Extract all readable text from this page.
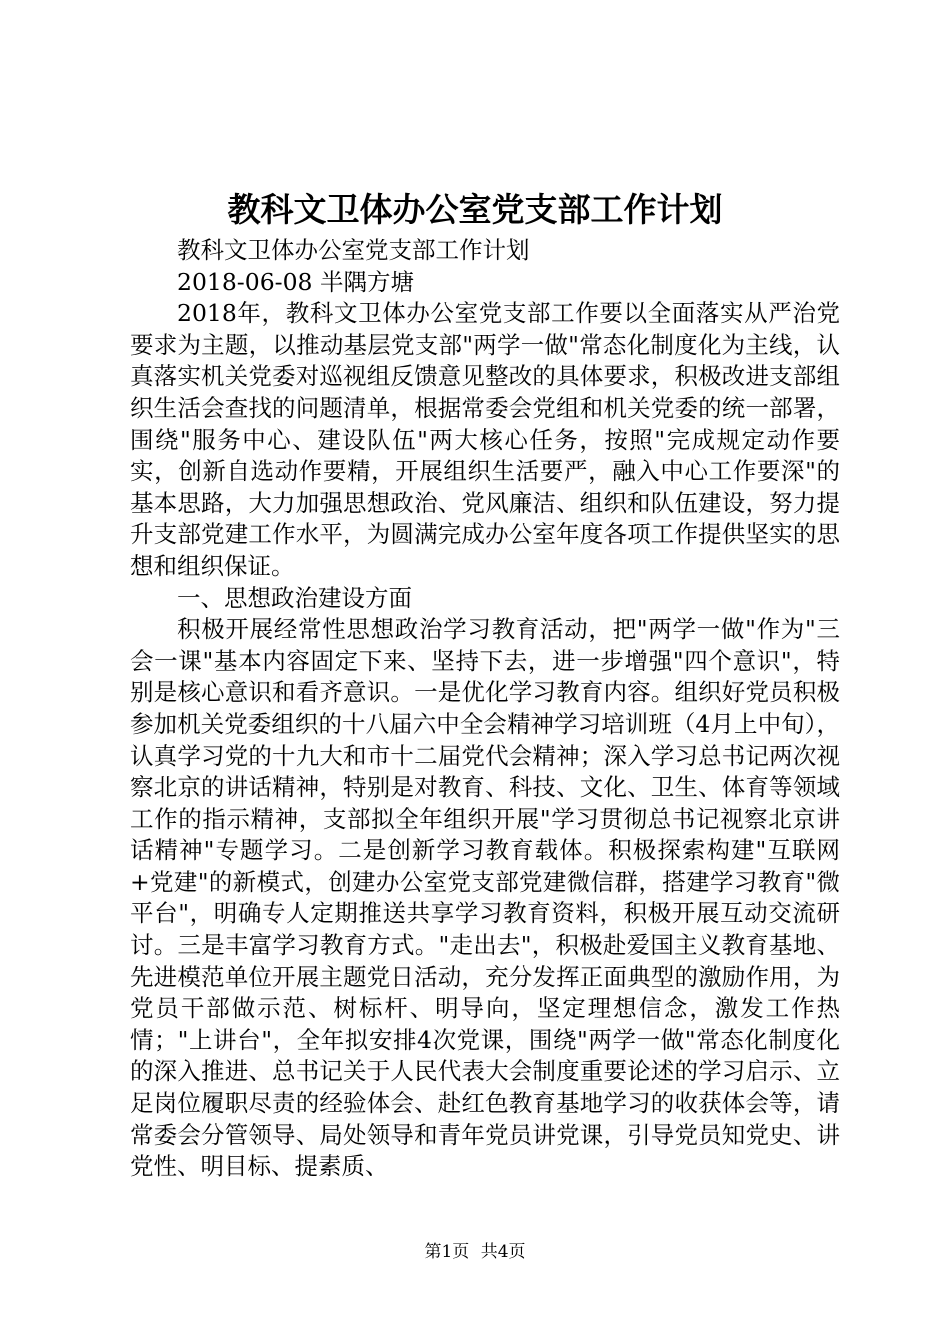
教科文卫体办公室党支部工作计划

教科文卫体办公室党支部工作计划

2018-06-08 半隅方塘

2018年，教科文卫体办公室党支部工作要以全面落实从严治党要求为主题，以推动基层党支部"两学一做"常态化制度化为主线，认真落实机关党委对巡视组反馈意见整改的具体要求，积极改进支部组织生活会查找的问题清单，根据常委会党组和机关党委的统一部署，围绕"服务中心、建设队伍"两大核心任务，按照"完成规定动作要实，创新自选动作要精，开展组织生活要严，融入中心工作要深"的基本思路，大力加强思想政治、党风廉洁、组织和队伍建设，努力提升支部党建工作水平，为圆满完成办公室年度各项工作提供坚实的思想和组织保证。

一、思想政治建设方面

积极开展经常性思想政治学习教育活动，把"两学一做"作为"三会一课"基本内容固定下来、坚持下去，进一步增强"四个意识"，特别是核心意识和看齐意识。一是优化学习教育内容。组织好党员积极参加机关党委组织的十八届六中全会精神学习培训班（4月上中旬），认真学习党的十九大和市十二届党代会精神；深入学习总书记两次视察北京的讲话精神，特别是对教育、科技、文化、卫生、体育等领域工作的指示精神，支部拟全年组织开展"学习贯彻总书记视察北京讲话精神"专题学习。二是创新学习教育载体。积极探索构建"互联网+党建"的新模式，创建办公室党支部党建微信群，搭建学习教育"微平台"，明确专人定期推送共享学习教育资料，积极开展互动交流研讨。三是丰富学习教育方式。"走出去"，积极赴爱国主义教育基地、先进模范单位开展主题党日活动，充分发挥正面典型的激励作用，为党员干部做示范、树标杆、明导向，坚定理想信念，激发工作热情；"上讲台"，全年拟安排4次党课，围绕"两学一做"常态化制度化的深入推进、总书记关于人民代表大会制度重要论述的学习启示、立足岗位履职尽责的经验体会、赴红色教育基地学习的收获体会等，请常委会分管领导、局处领导和青年党员讲党课，引导党员知党史、讲党性、明目标、提素质、

第1页 共4页
